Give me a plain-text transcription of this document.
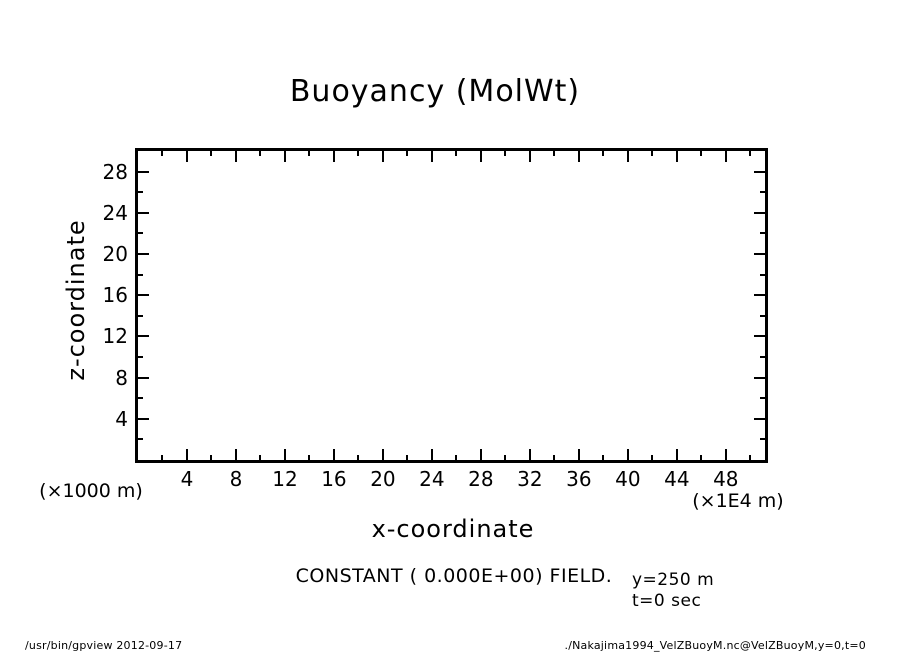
Buoyancy (MolWt)
z-coordinate
x-coordinate
(×1000 m)	(×1E4 m)
CONSTANT ( 0.000E+00) FIELD. y=250 m
t=0 sec
/usr/bin/gpview 2012-09-17	./Nakajima1994_VelZBuoyM.nc@VelZBuoyM,y=0,t=0
4	8	12	16	20	24	28	32	36	40	44	48
4
8
12
16
20
24
28
